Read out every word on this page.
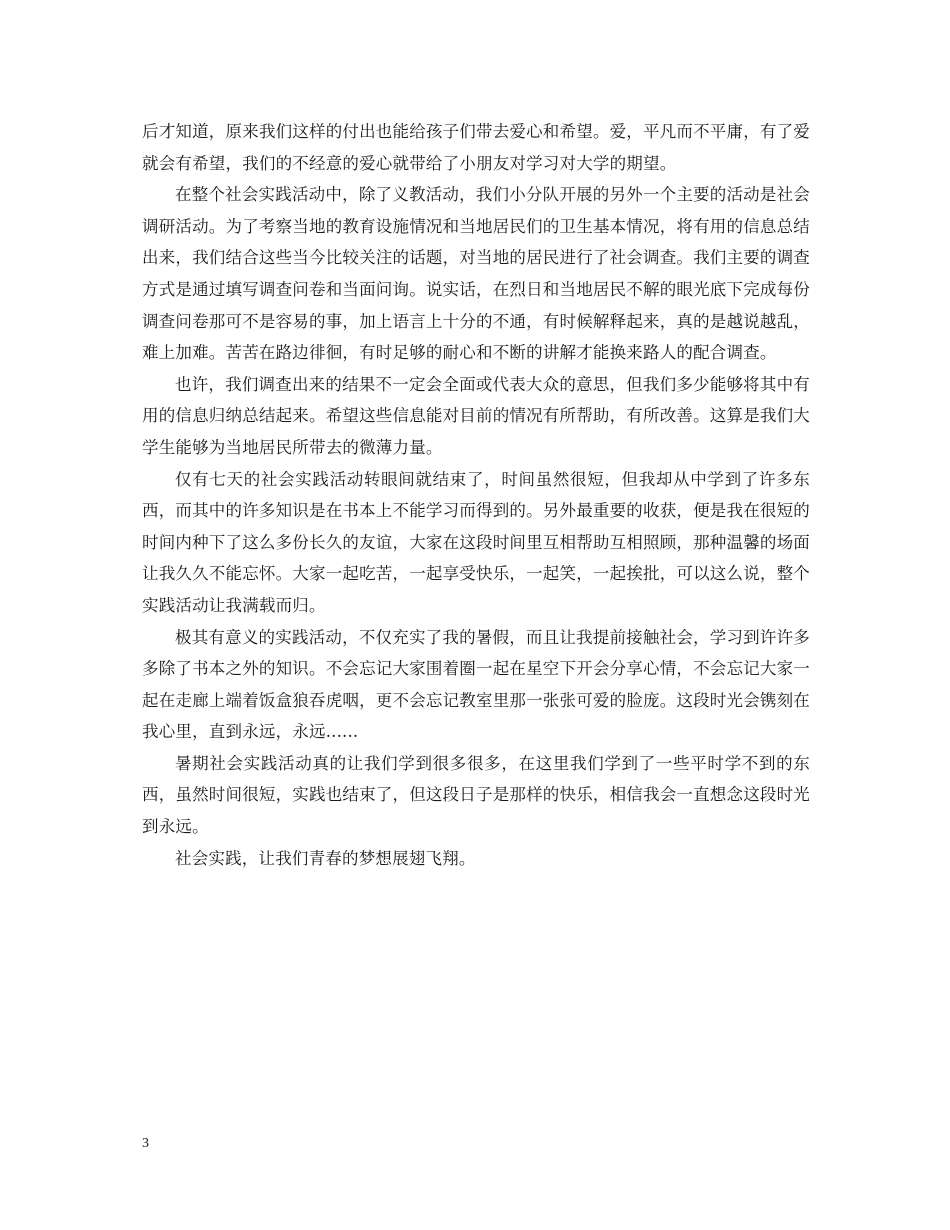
后才知道，原来我们这样的付出也能给孩子们带去爱心和希望。爱，平凡而不平庸，有了爱就会有希望，我们的不经意的爱心就带给了小朋友对学习对大学的期望。

在整个社会实践活动中，除了义教活动，我们小分队开展的另外一个主要的活动是社会调研活动。为了考察当地的教育设施情况和当地居民们的卫生基本情况，将有用的信息总结出来，我们结合这些当今比较关注的话题，对当地的居民进行了社会调查。我们主要的调查方式是通过填写调查问卷和当面问询。说实话，在烈日和当地居民不解的眼光底下完成每份调查问卷那可不是容易的事，加上语言上十分的不通，有时候解释起来，真的是越说越乱，难上加难。苦苦在路边徘徊，有时足够的耐心和不断的讲解才能换来路人的配合调查。

也许，我们调查出来的结果不一定会全面或代表大众的意思，但我们多少能够将其中有用的信息归纳总结起来。希望这些信息能对目前的情况有所帮助，有所改善。这算是我们大学生能够为当地居民所带去的微薄力量。

仅有七天的社会实践活动转眼间就结束了，时间虽然很短，但我却从中学到了许多东西，而其中的许多知识是在书本上不能学习而得到的。另外最重要的收获，便是我在很短的时间内种下了这么多份长久的友谊，大家在这段时间里互相帮助互相照顾，那种温馨的场面让我久久不能忘怀。大家一起吃苦，一起享受快乐，一起笑，一起挨批，可以这么说，整个实践活动让我满载而归。

极其有意义的实践活动，不仅充实了我的暑假，而且让我提前接触社会，学习到许许多多除了书本之外的知识。不会忘记大家围着圈一起在星空下开会分享心情，不会忘记大家一起在走廊上端着饭盒狼吞虎咽，更不会忘记教室里那一张张可爱的脸庞。这段时光会镌刻在我心里，直到永远，永远......

暑期社会实践活动真的让我们学到很多很多，在这里我们学到了一些平时学不到的东西，虽然时间很短，实践也结束了，但这段日子是那样的快乐，相信我会一直想念这段时光到永远。

社会实践，让我们青春的梦想展翅飞翔。

3
